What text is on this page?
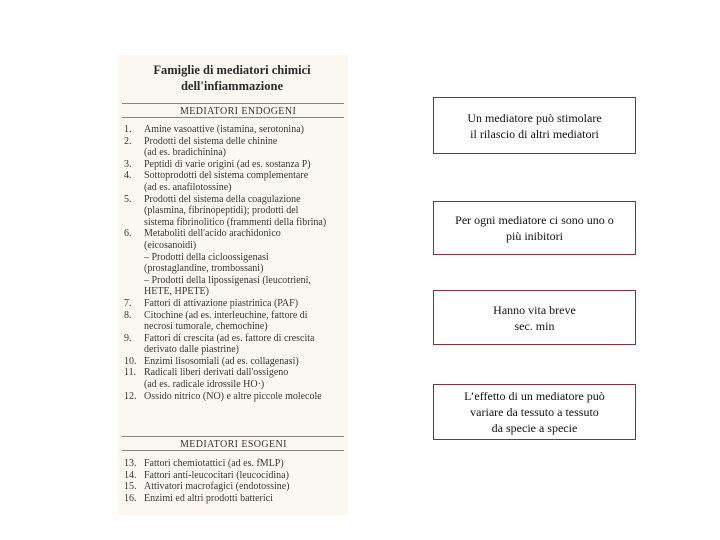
Famiglie di mediatori chimici
dell'infiammazione
MEDIATORI ENDOGENI
1.	Amine vasoattive (istamina, serotonina)
2.	Prodotti del sistema delle chinine
(ad es. bradichinina)
3.	Peptidi di varie origini (ad es. sostanza P)
4.	Sottoprodotti del sistema complementare
(ad es. anafilotossine)
5.	Prodotti del sistema della coagulazione
(plasmina, fibrinopeptidi); prodotti del
sistema fibrinolitico (frammenti della fibrina)
6.	Metaboliti dell'acido arachidonico
(eicosanoidi)
– Prodotti della cicloossigenasi
(prostaglandine, trombossani)
– Prodotti della lipossigenasi (leucotrieni,
HETE, HPETE)
7.	Fattori di attivazione piastrinica (PAF)
8.	Citochine (ad es. interleuchine, fattore di
necrosi tumorale, chemochine)
9.	Fattori di crescita (ad es. fattore di crescita
derivato dalle piastrine)
10. Enzimi lisosomiali (ad es. collagenasi)
11. Radicali liberi derivati dall'ossigeno
(ad es. radicale idrossile HO·)
12. Ossido nitrico (NO) e altre piccole molecole
MEDIATORI ESOGENI
13. Fattori chemiotattici (ad es. fMLP)
14. Fattori anti-leucocitari (leucocidina)
15. Attivatori macrofagici (endotossine)
16. Enzimi ed altri prodotti batterici
Un mediatore può stimolare
il rilascio di altri mediatori
Per ogni mediatore ci sono uno o
più inibitori
Hanno vita breve
sec. min
L’effetto di un mediatore può
variare da tessuto a tessuto
da specie a specie
